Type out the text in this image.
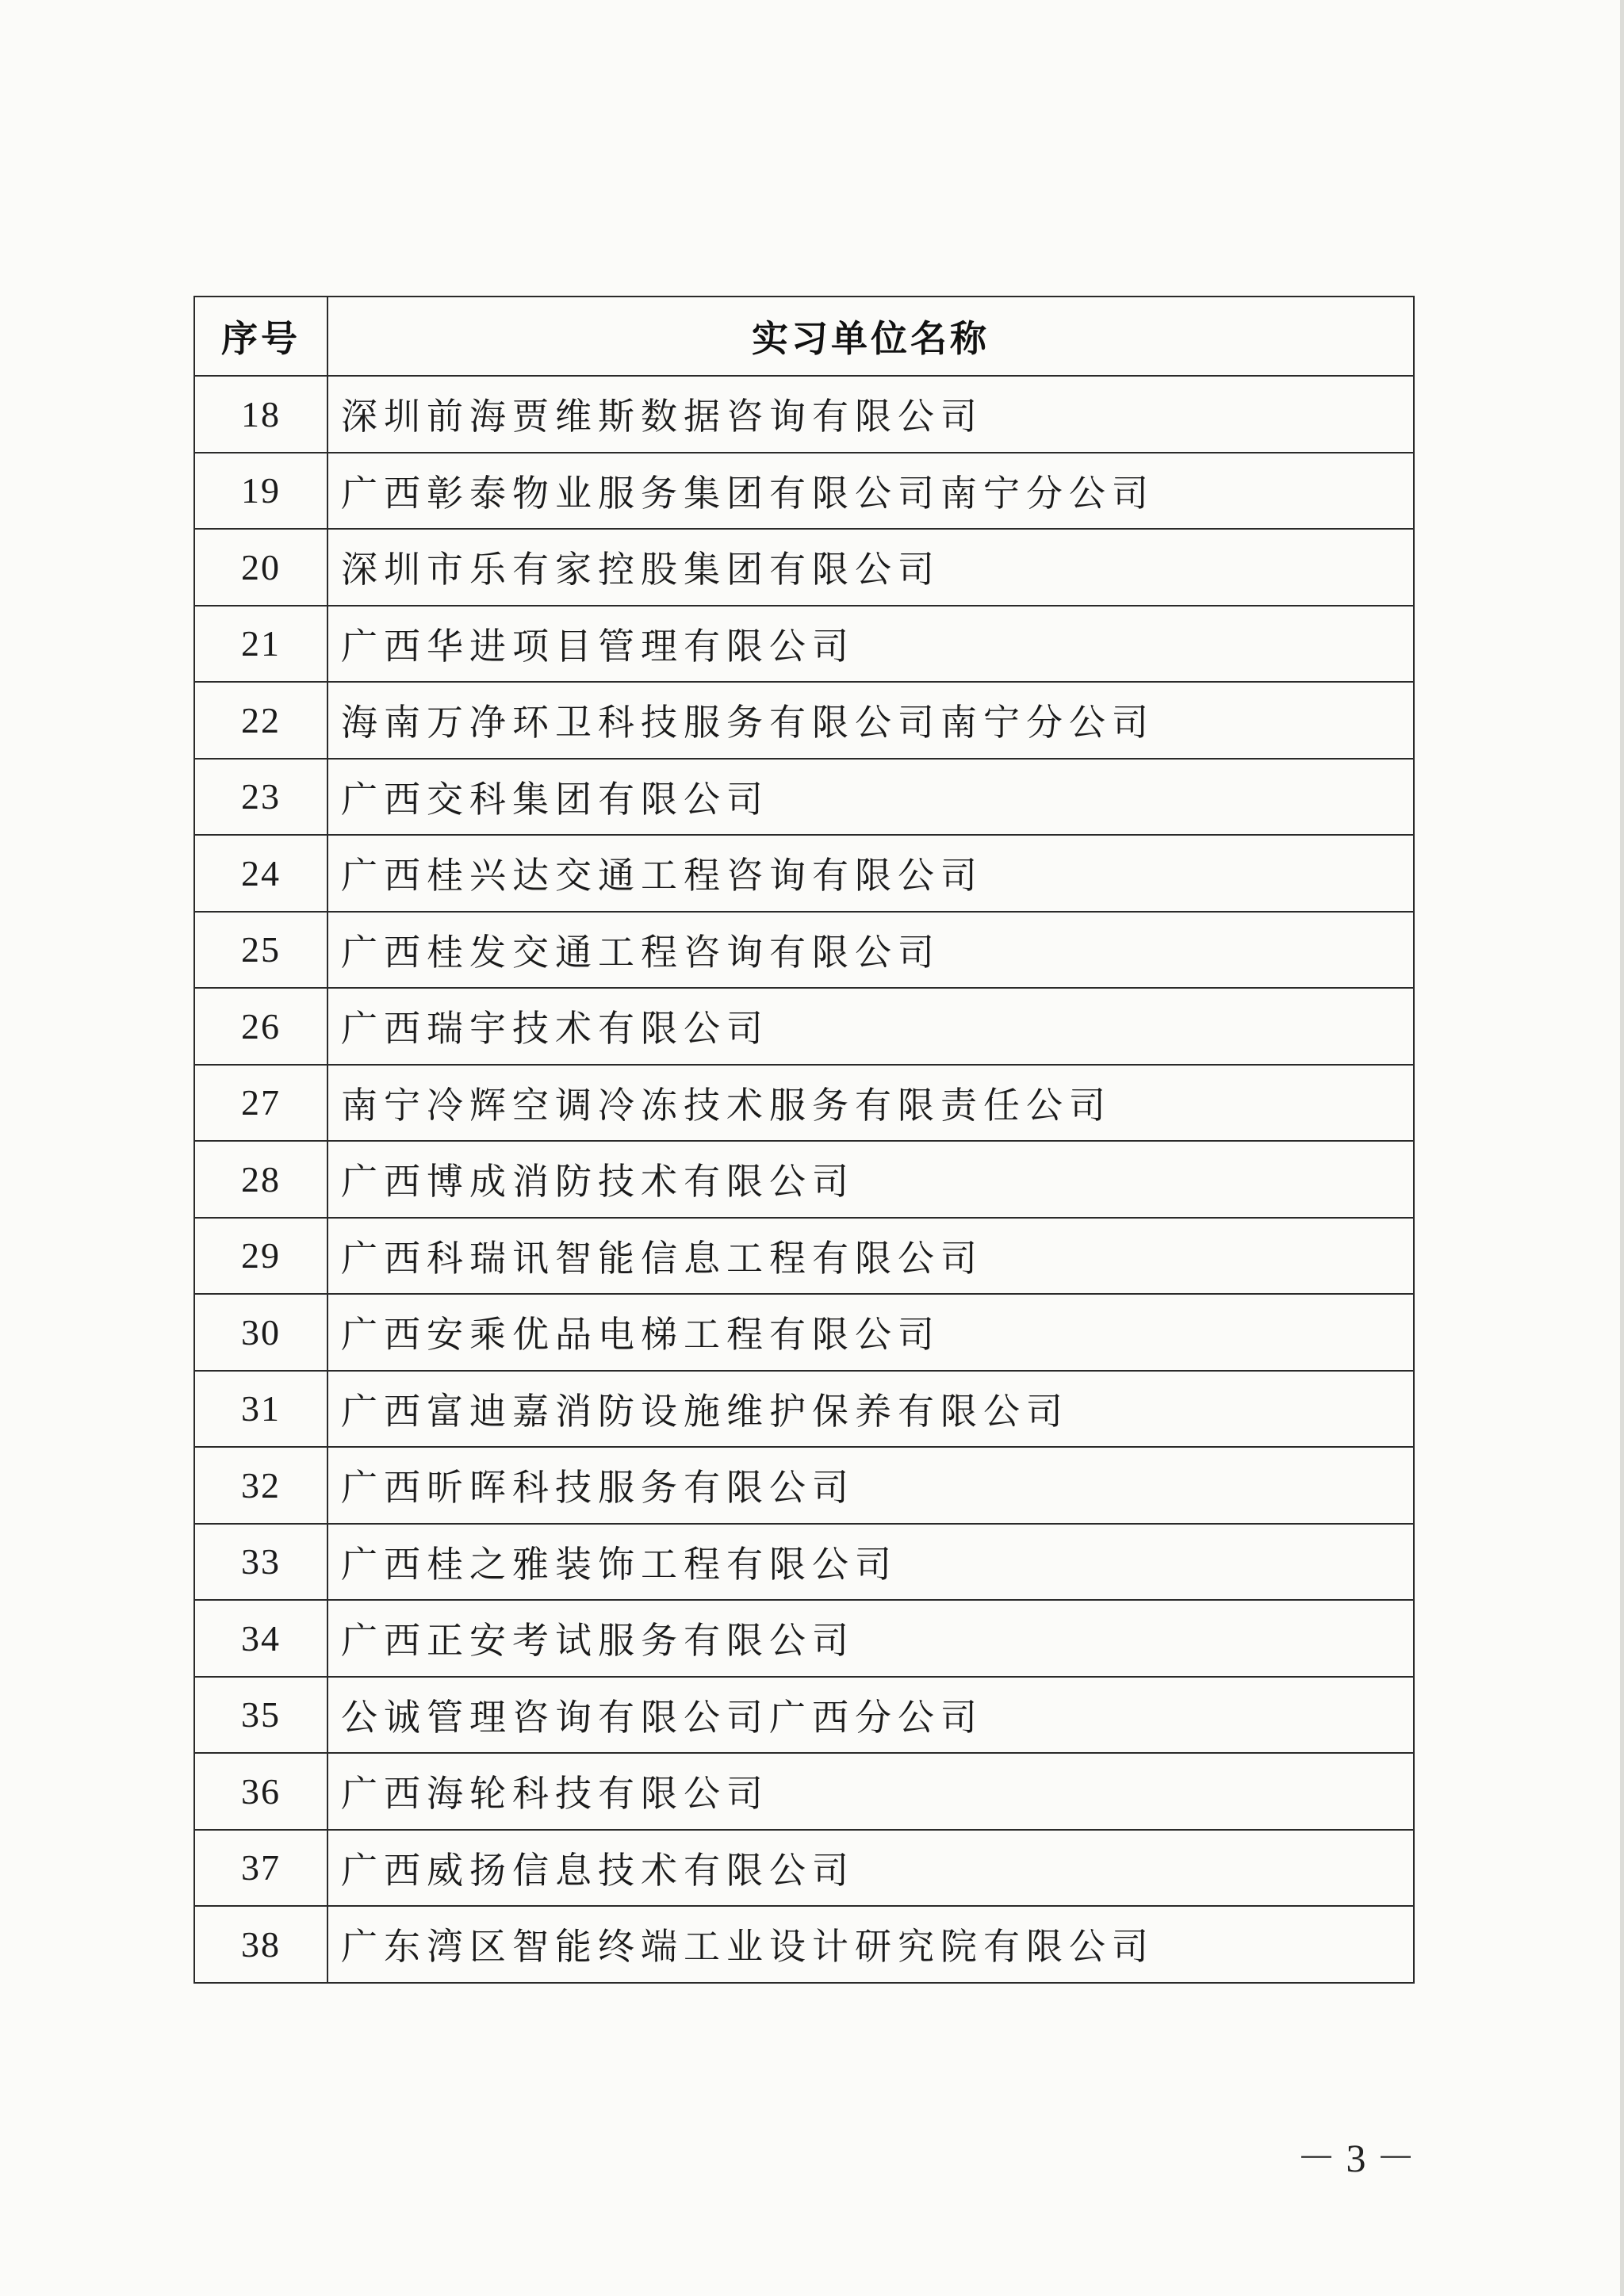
序号	实习单位名称
18	深圳前海贾维斯数据咨询有限公司
19	广西彰泰物业服务集团有限公司南宁分公司
20	深圳市乐有家控股集团有限公司
21	广西华进项目管理有限公司
22	海南万净环卫科技服务有限公司南宁分公司
23	广西交科集团有限公司
24	广西桂兴达交通工程咨询有限公司
25	广西桂发交通工程咨询有限公司
26	广西瑞宇技术有限公司
27	南宁冷辉空调冷冻技术服务有限责任公司
28	广西博成消防技术有限公司
29	广西科瑞讯智能信息工程有限公司
30	广西安乘优品电梯工程有限公司
31	广西富迪嘉消防设施维护保养有限公司
32	广西昕晖科技服务有限公司
33	广西桂之雅装饰工程有限公司
34	广西正安考试服务有限公司
35	公诚管理咨询有限公司广西分公司
36	广西海轮科技有限公司
37	广西威扬信息技术有限公司
38	广东湾区智能终端工业设计研究院有限公司
－ 3 －
